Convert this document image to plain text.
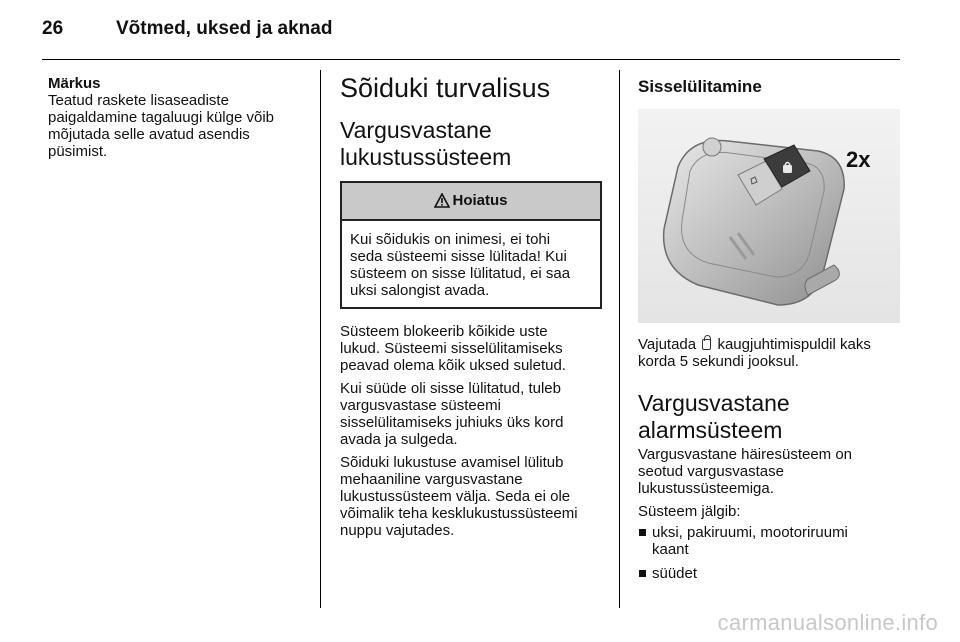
26	Võtmed, uksed ja aknad
Märkus
Teatud raskete lisaseadiste
paigaldamine tagaluugi külge võib
mõjutada selle avatud asendis
püsimist.
Sõiduki turvalisus
Vargusvastane
lukustussüsteem
Hoiatus
Kui sõidukis on inimesi, ei tohi
seda süsteemi sisse lülitada! Kui
süsteem on sisse lülitatud, ei saa
uksi salongist avada.

Süsteem blokeerib kõikide uste
lukud. Süsteemi sisselülitamiseks
peavad olema kõik uksed suletud.

Kui süüde oli sisse lülitatud, tuleb
vargusvastase süsteemi
sisselülitamiseks juhiuks üks kord
avada ja sulgeda.

Sõiduki lukustuse avamisel lülitub
mehaaniline vargusvastane
lukustussüsteem välja. Seda ei ole
võimalik teha kesklukustussüsteemi
nuppu vajutades.

Sisselülitamine
2x
Vajutada kaugjuhtimispuldil kaks
korda 5 sekundi jooksul.
Vargusvastane
alarmsüsteem

Vargusvastane häiresüsteem on
seotud vargusvastase
lukustussüsteemiga.

Süsteem jälgib:

uksi, pakiruumi, mootoriruumi
kaant
süüdet
carmanualsonline.info
